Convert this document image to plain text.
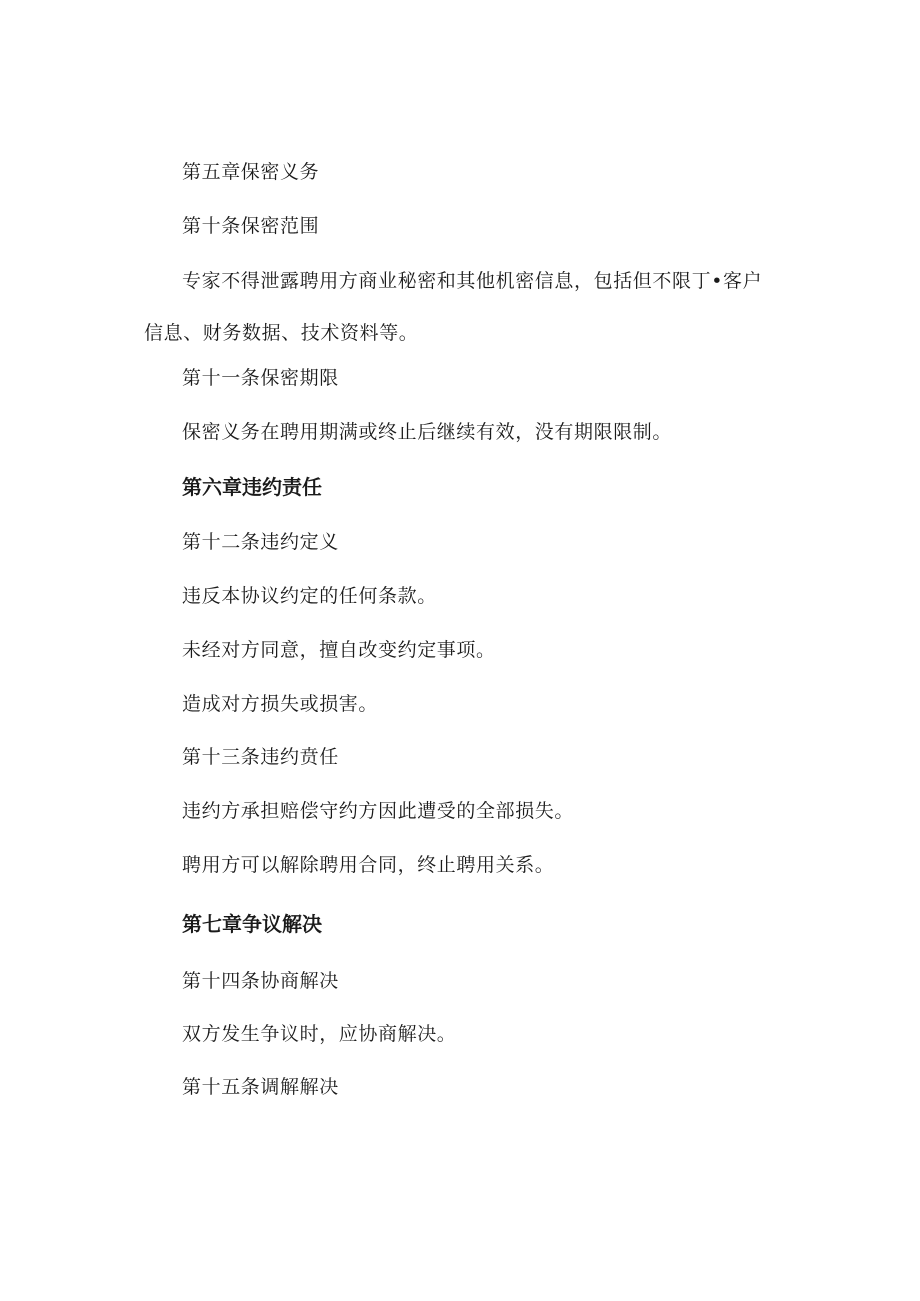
第五章保密义务
第十条保密范围
专家不得泄露聘用方商业秘密和其他机密信息，包括但不限丁•客户信息、财务数据、技术资料等。
第十一条保密期限
保密义务在聘用期满或终止后继续有效，没有期限限制。
第六章违约责任
第十二条违约定义
违反本协议约定的任何条款。
未经对方同意，擅自改变约定事项。
造成对方损失或损害。
第十三条违约贲任
违约方承担赔偿守约方因此遭受的全部损失。
聘用方可以解除聘用合同，终止聘用关系。
第七章争议解决
第十四条协商解决
双方发生争议时，应协商解决。
第十五条调解解决
